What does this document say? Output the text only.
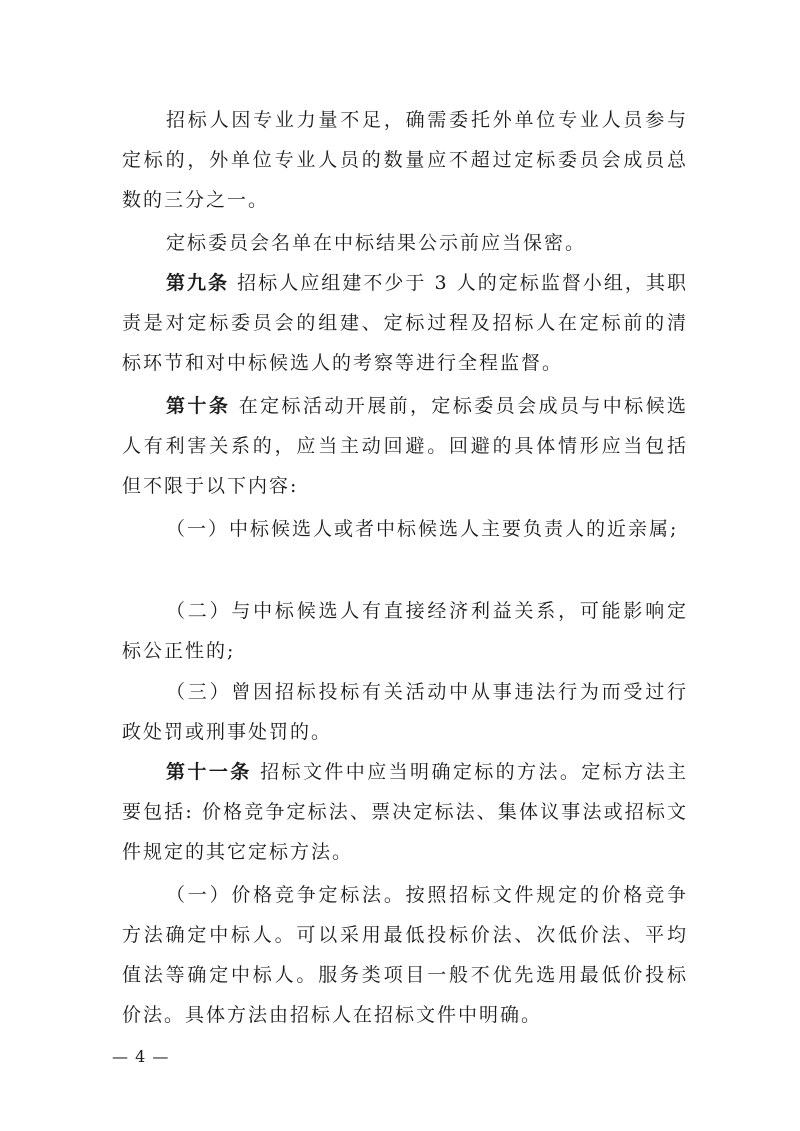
招标人因专业力量不足，确需委托外单位专业人员参与定标的，外单位专业人员的数量应不超过定标委员会成员总数的三分之一。

定标委员会名单在中标结果公示前应当保密。

第九条 招标人应组建不少于 3 人的定标监督小组，其职责是对定标委员会的组建、定标过程及招标人在定标前的清标环节和对中标候选人的考察等进行全程监督。

第十条 在定标活动开展前，定标委员会成员与中标候选人有利害关系的，应当主动回避。回避的具体情形应当包括但不限于以下内容:

（一）中标候选人或者中标候选人主要负责人的近亲属;

（二）与中标候选人有直接经济利益关系，可能影响定标公正性的;

（三）曾因招标投标有关活动中从事违法行为而受过行政处罚或刑事处罚的。

第十一条 招标文件中应当明确定标的方法。定标方法主要包括: 价格竞争定标法、票决定标法、集体议事法或招标文件规定的其它定标方法。

（一）价格竞争定标法。按照招标文件规定的价格竞争方法确定中标人。可以采用最低投标价法、次低价法、平均值法等确定中标人。服务类项目一般不优先选用最低价投标价法。具体方法由招标人在招标文件中明确。

— 4 —
